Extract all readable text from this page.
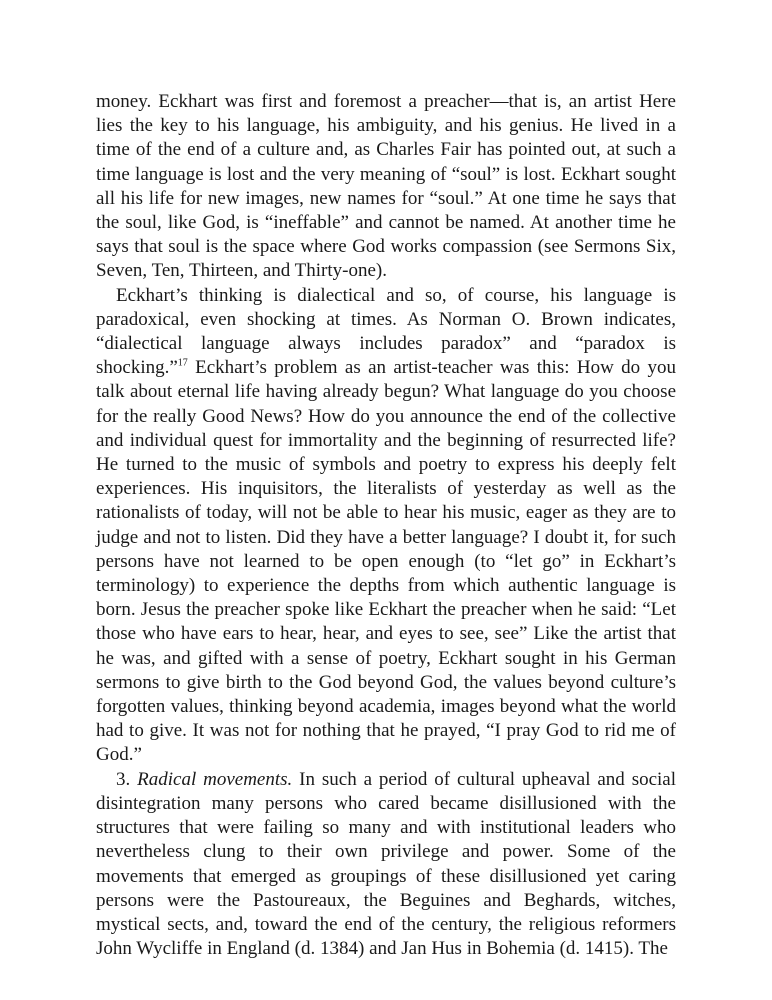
money. Eckhart was first and foremost a preacher—that is, an artist Here lies the key to his language, his ambiguity, and his genius. He lived in a time of the end of a culture and, as Charles Fair has pointed out, at such a time language is lost and the very meaning of “soul” is lost. Eckhart sought all his life for new images, new names for “soul.” At one time he says that the soul, like God, is “ineffable” and cannot be named. At another time he says that soul is the space where God works compassion (see Sermons Six, Seven, Ten, Thirteen, and Thirty-one).

Eckhart’s thinking is dialectical and so, of course, his language is paradoxical, even shocking at times. As Norman O. Brown indicates, “dialectical language always includes paradox” and “paradox is shocking.”$^{17}$ Eckhart’s problem as an artist-teacher was this: How do you talk about eternal life having already begun? What language do you choose for the really Good News? How do you announce the end of the collective and individual quest for immortality and the beginning of resurrected life? He turned to the music of symbols and poetry to express his deeply felt experiences. His inquisitors, the literalists of yesterday as well as the rationalists of today, will not be able to hear his music, eager as they are to judge and not to listen. Did they have a better language? I doubt it, for such persons have not learned to be open enough (to “let go” in Eckhart’s terminology) to experience the depths from which authentic language is born. Jesus the preacher spoke like Eckhart the preacher when he said: “Let those who have ears to hear, hear, and eyes to see, see” Like the artist that he was, and gifted with a sense of poetry, Eckhart sought in his German sermons to give birth to the God beyond God, the values beyond culture’s forgotten values, thinking beyond academia, images beyond what the world had to give. It was not for nothing that he prayed, “I pray God to rid me of God.”

3. Radical movements. In such a period of cultural upheaval and social disintegration many persons who cared became disillusioned with the structures that were failing so many and with institutional leaders who nevertheless clung to their own privilege and power. Some of the movements that emerged as groupings of these disillusioned yet caring persons were the Pastoureaux, the Beguines and Beghards, witches, mystical sects, and, toward the end of the century, the religious reformers John Wycliffe in England (d. 1384) and Jan Hus in Bohemia (d. 1415). The
